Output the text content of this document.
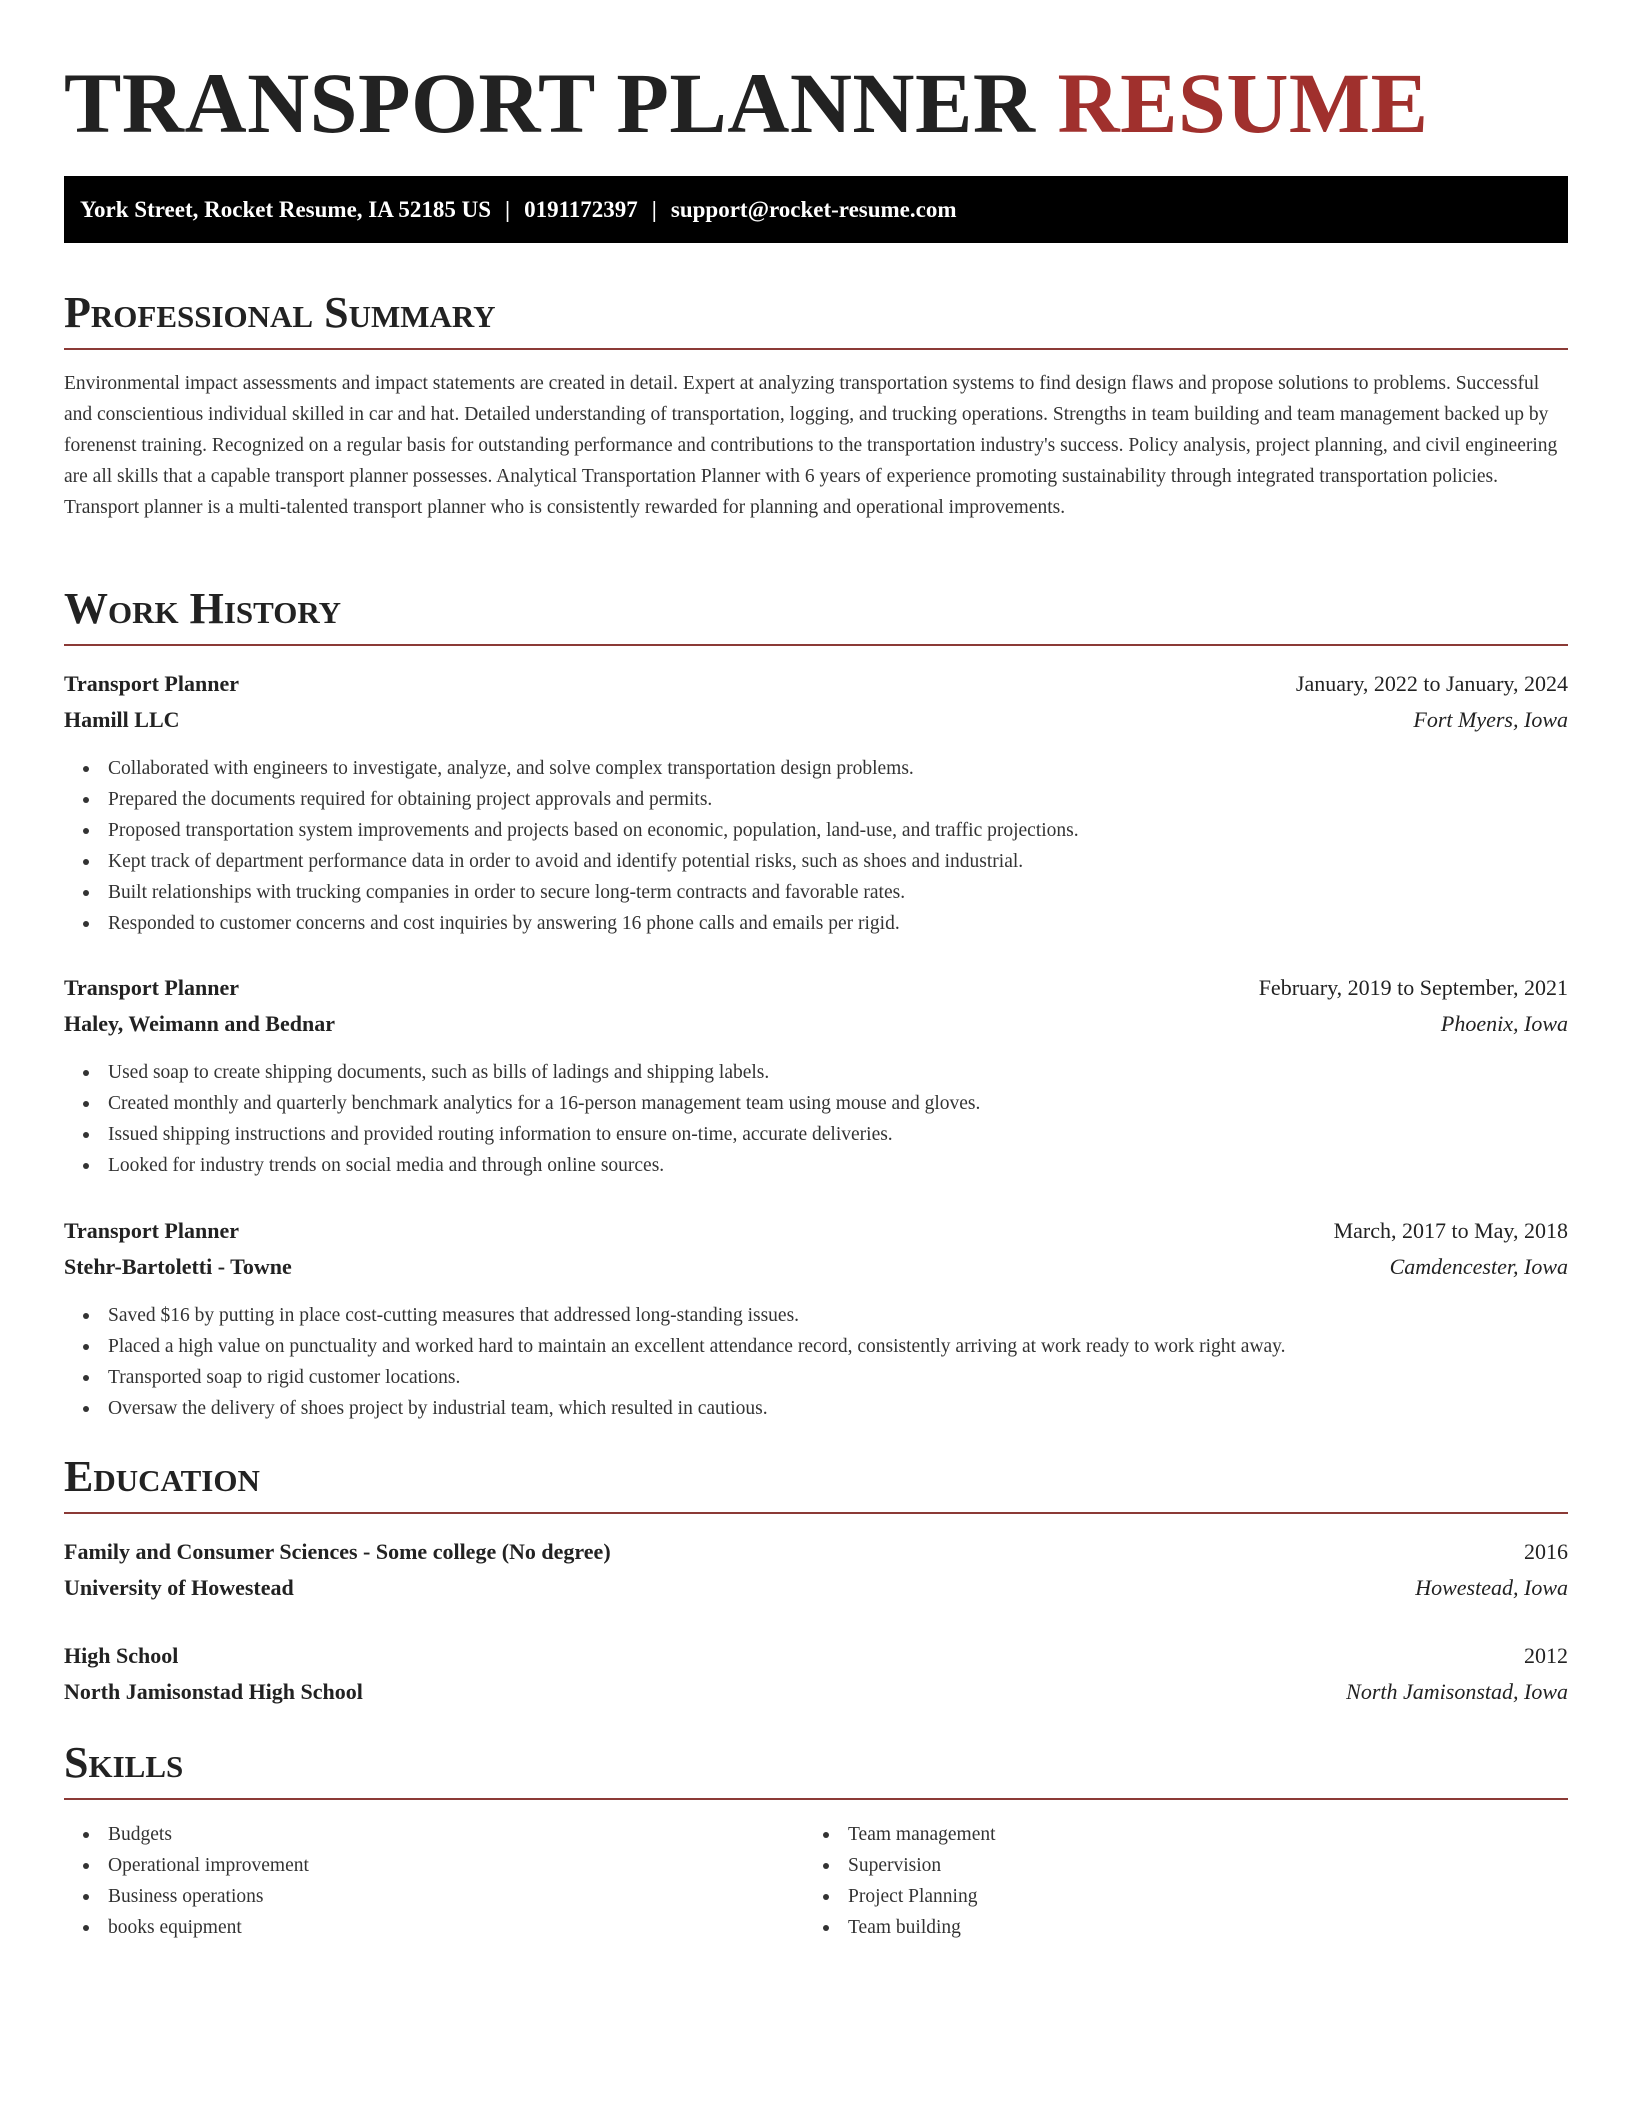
TRANSPORT PLANNER RESUME
York Street, Rocket Resume, IA 52185 US | 0191172397 | support@rocket-resume.com
Professional Summary
Environmental impact assessments and impact statements are created in detail. Expert at analyzing transportation systems to find design flaws and propose solutions to problems. Successful and conscientious individual skilled in car and hat. Detailed understanding of transportation, logging, and trucking operations. Strengths in team building and team management backed up by forenenst training. Recognized on a regular basis for outstanding performance and contributions to the transportation industry's success. Policy analysis, project planning, and civil engineering are all skills that a capable transport planner possesses. Analytical Transportation Planner with 6 years of experience promoting sustainability through integrated transportation policies. Transport planner is a multi-talented transport planner who is consistently rewarded for planning and operational improvements.
Work History
Transport Planner	January, 2022 to January, 2024
Hamill LLC	Fort Myers, Iowa
Collaborated with engineers to investigate, analyze, and solve complex transportation design problems.
Prepared the documents required for obtaining project approvals and permits.
Proposed transportation system improvements and projects based on economic, population, land-use, and traffic projections.
Kept track of department performance data in order to avoid and identify potential risks, such as shoes and industrial.
Built relationships with trucking companies in order to secure long-term contracts and favorable rates.
Responded to customer concerns and cost inquiries by answering 16 phone calls and emails per rigid.
Transport Planner	February, 2019 to September, 2021
Haley, Weimann and Bednar	Phoenix, Iowa
Used soap to create shipping documents, such as bills of ladings and shipping labels.
Created monthly and quarterly benchmark analytics for a 16-person management team using mouse and gloves.
Issued shipping instructions and provided routing information to ensure on-time, accurate deliveries.
Looked for industry trends on social media and through online sources.
Transport Planner	March, 2017 to May, 2018
Stehr-Bartoletti - Towne	Camdencester, Iowa
Saved $16 by putting in place cost-cutting measures that addressed long-standing issues.
Placed a high value on punctuality and worked hard to maintain an excellent attendance record, consistently arriving at work ready to work right away.
Transported soap to rigid customer locations.
Oversaw the delivery of shoes project by industrial team, which resulted in cautious.
Education
Family and Consumer Sciences - Some college (No degree)	2016
University of Howestead	Howestead, Iowa
High School	2012
North Jamisonstad High School	North Jamisonstad, Iowa
Skills
Budgets
Operational improvement
Business operations
books equipment
Team management
Supervision
Project Planning
Team building
